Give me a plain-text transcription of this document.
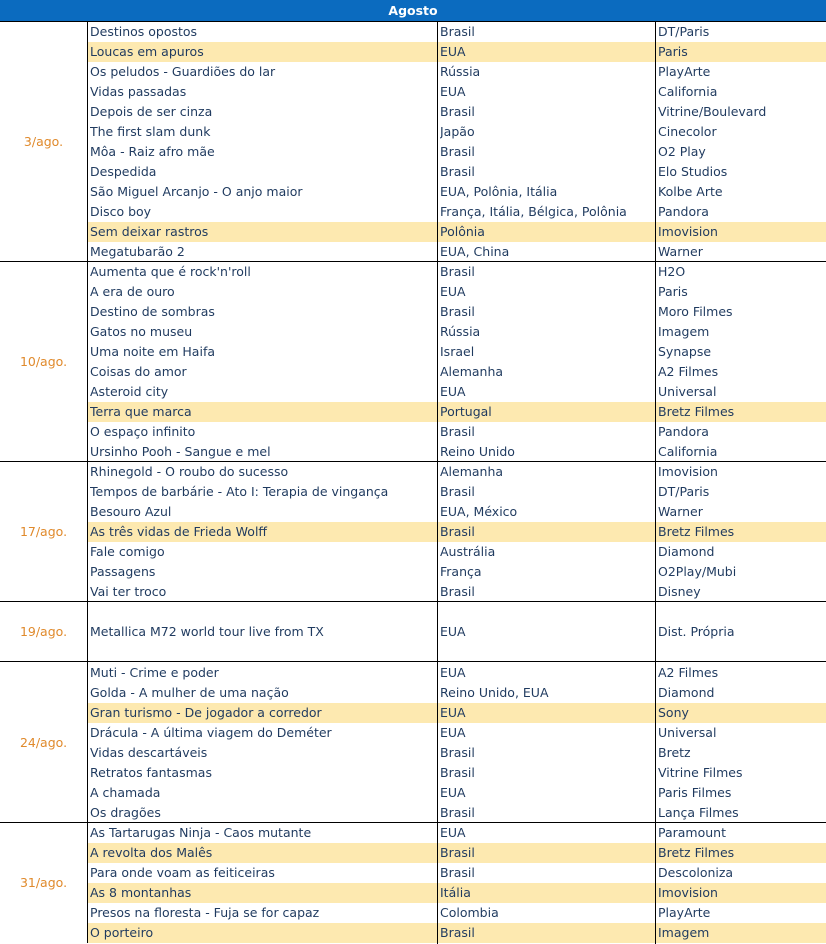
Agosto
3/ago.
Destinos opostos	Brasil	DT/Paris
Loucas em apuros	EUA	Paris
Os peludos - Guardiões do lar	Rússia	PlayArte
Vidas passadas	EUA	California
Depois de ser cinza	Brasil	Vitrine/Boulevard
The first slam dunk	Japão	Cinecolor
Môa - Raiz afro mãe	Brasil	O2 Play
Despedida	Brasil	Elo Studios
São Miguel Arcanjo - O anjo maior	EUA, Polônia, Itália	Kolbe Arte
Disco boy	França, Itália, Bélgica, Polônia	Pandora
Sem deixar rastros	Polônia	Imovision
Megatubarão 2	EUA, China	Warner
10/ago.
Aumenta que é rock'n'roll	Brasil	H2O
A era de ouro	EUA	Paris
Destino de sombras	Brasil	Moro Filmes
Gatos no museu	Rússia	Imagem
Uma noite em Haifa	Israel	Synapse
Coisas do amor	Alemanha	A2 Filmes
Asteroid city	EUA	Universal
Terra que marca	Portugal	Bretz Filmes
O espaço infinito	Brasil	Pandora
Ursinho Pooh - Sangue e mel	Reino Unido	California
17/ago.
Rhinegold - O roubo do sucesso	Alemanha	Imovision
Tempos de barbárie - Ato I: Terapia de vingança	Brasil	DT/Paris
Besouro Azul	EUA, México	Warner
As três vidas de Frieda Wolff	Brasil	Bretz Filmes
Fale comigo	Austrália	Diamond
Passagens	França	O2Play/Mubi
Vai ter troco	Brasil	Disney
19/ago.	Metallica M72 world tour live from TX	EUA	Dist. Própria
24/ago.
Muti - Crime e poder	EUA	A2 Filmes
Golda - A mulher de uma nação	Reino Unido, EUA	Diamond
Gran turismo - De jogador a corredor	EUA	Sony
Drácula - A última viagem do Deméter	EUA	Universal
Vidas descartáveis	Brasil	Bretz
Retratos fantasmas	Brasil	Vitrine Filmes
A chamada	EUA	Paris Filmes
Os dragões	Brasil	Lança Filmes
31/ago.
As Tartarugas Ninja - Caos mutante	EUA	Paramount
A revolta dos Malês	Brasil	Bretz Filmes
Para onde voam as feiticeiras	Brasil	Descoloniza
As 8 montanhas	Itália	Imovision
Presos na floresta - Fuja se for capaz	Colombia	PlayArte
O porteiro	Brasil	Imagem
